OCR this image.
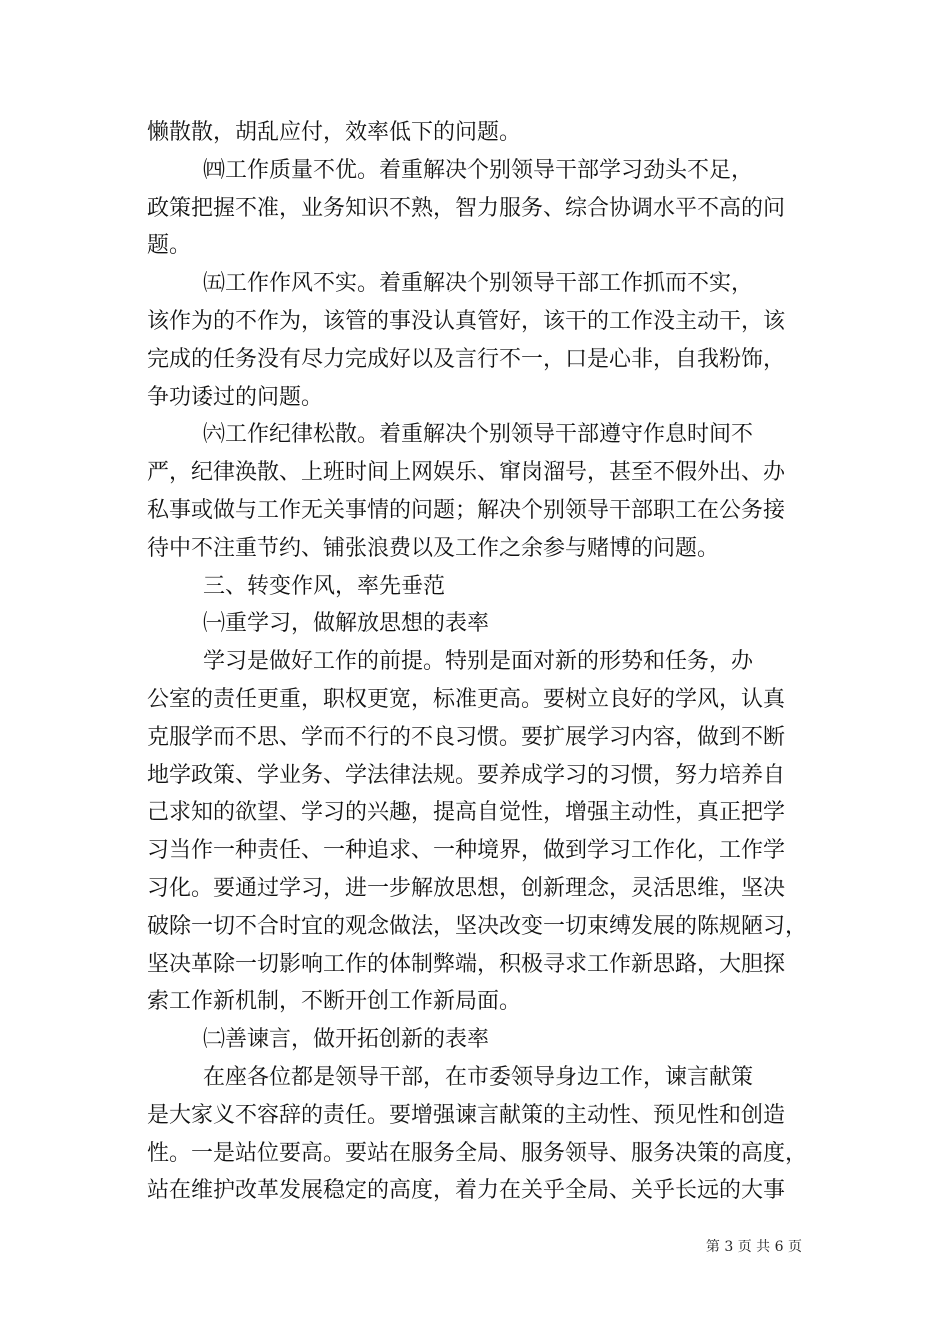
懒散散，胡乱应付，效率低下的问题。
㈣工作质量不优。着重解决个别领导干部学习劲头不足，
政策把握不准，业务知识不熟，智力服务、综合协调水平不高的问
题。
㈤工作作风不实。着重解决个别领导干部工作抓而不实，
该作为的不作为，该管的事没认真管好，该干的工作没主动干，该
完成的任务没有尽力完成好以及言行不一，口是心非，自我粉饰，
争功诿过的问题。
㈥工作纪律松散。着重解决个别领导干部遵守作息时间不
严，纪律涣散、上班时间上网娱乐、窜岗溜号，甚至不假外出、办
私事或做与工作无关事情的问题；解决个别领导干部职工在公务接
待中不注重节约、铺张浪费以及工作之余参与赌博的问题。
三、转变作风，率先垂范
㈠重学习，做解放思想的表率
学习是做好工作的前提。特别是面对新的形势和任务，办
公室的责任更重，职权更宽，标准更高。要树立良好的学风，认真
克服学而不思、学而不行的不良习惯。要扩展学习内容，做到不断
地学政策、学业务、学法律法规。要养成学习的习惯，努力培养自
己求知的欲望、学习的兴趣，提高自觉性，增强主动性，真正把学
习当作一种责任、一种追求、一种境界，做到学习工作化，工作学
习化。要通过学习，进一步解放思想，创新理念，灵活思维，坚决
破除一切不合时宜的观念做法，坚决改变一切束缚发展的陈规陋习，
坚决革除一切影响工作的体制弊端，积极寻求工作新思路，大胆探
索工作新机制，不断开创工作新局面。
㈡善谏言，做开拓创新的表率
在座各位都是领导干部，在市委领导身边工作，谏言献策
是大家义不容辞的责任。要增强谏言献策的主动性、预见性和创造
性。一是站位要高。要站在服务全局、服务领导、服务决策的高度，
站在维护改革发展稳定的高度，着力在关乎全局、关乎长远的大事
第 3 页 共 6 页
